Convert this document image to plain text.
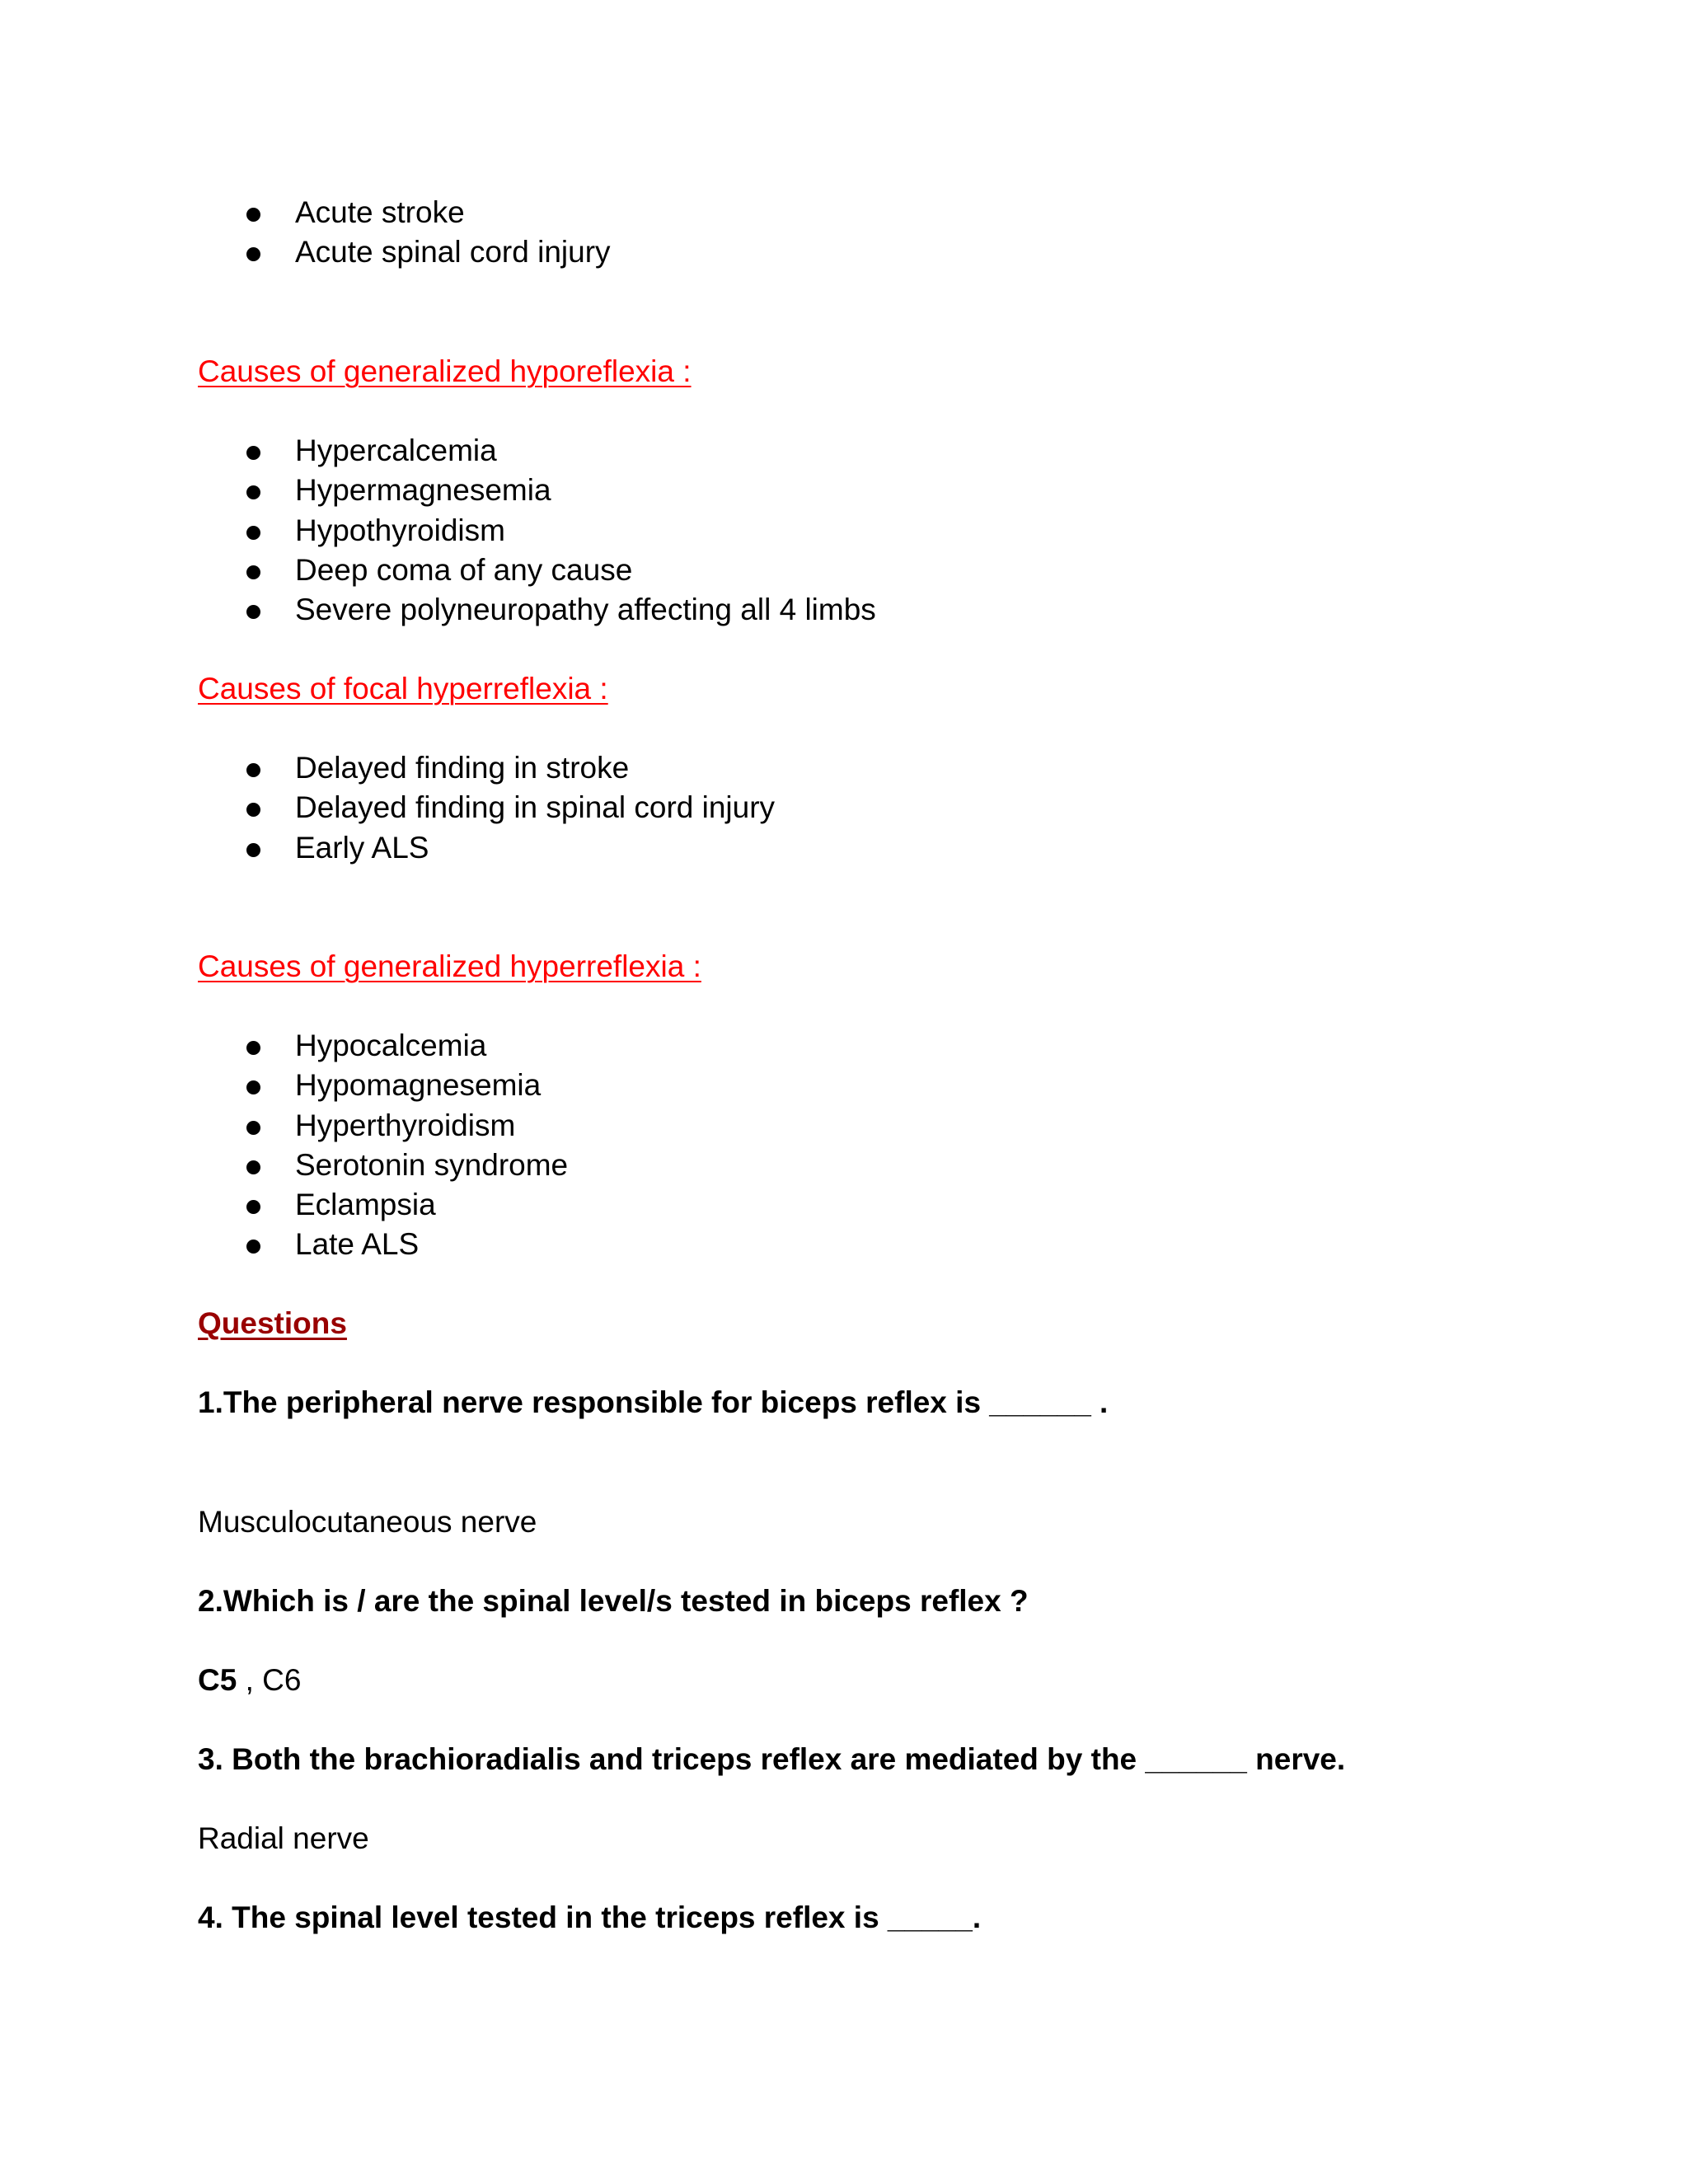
Acute stroke
Acute spinal cord injury
Causes of generalized hyporeflexia :
Hypercalcemia
Hypermagnesemia
Hypothyroidism
Deep coma of any cause
Severe polyneuropathy affecting all 4 limbs
Causes of focal hyperreflexia :
Delayed finding in stroke
Delayed finding in spinal cord injury
Early ALS
Causes of generalized hyperreflexia :
Hypocalcemia
Hypomagnesemia
Hyperthyroidism
Serotonin syndrome
Eclampsia
Late ALS
Questions
1.The peripheral nerve responsible for biceps reflex is ______ .
Musculocutaneous nerve
2.Which is / are the spinal level/s tested in biceps reflex ?
C5 , C6
3. Both the brachioradialis and triceps reflex are mediated by the ______ nerve.
Radial nerve
4. The spinal level tested in the triceps reflex is _____.
